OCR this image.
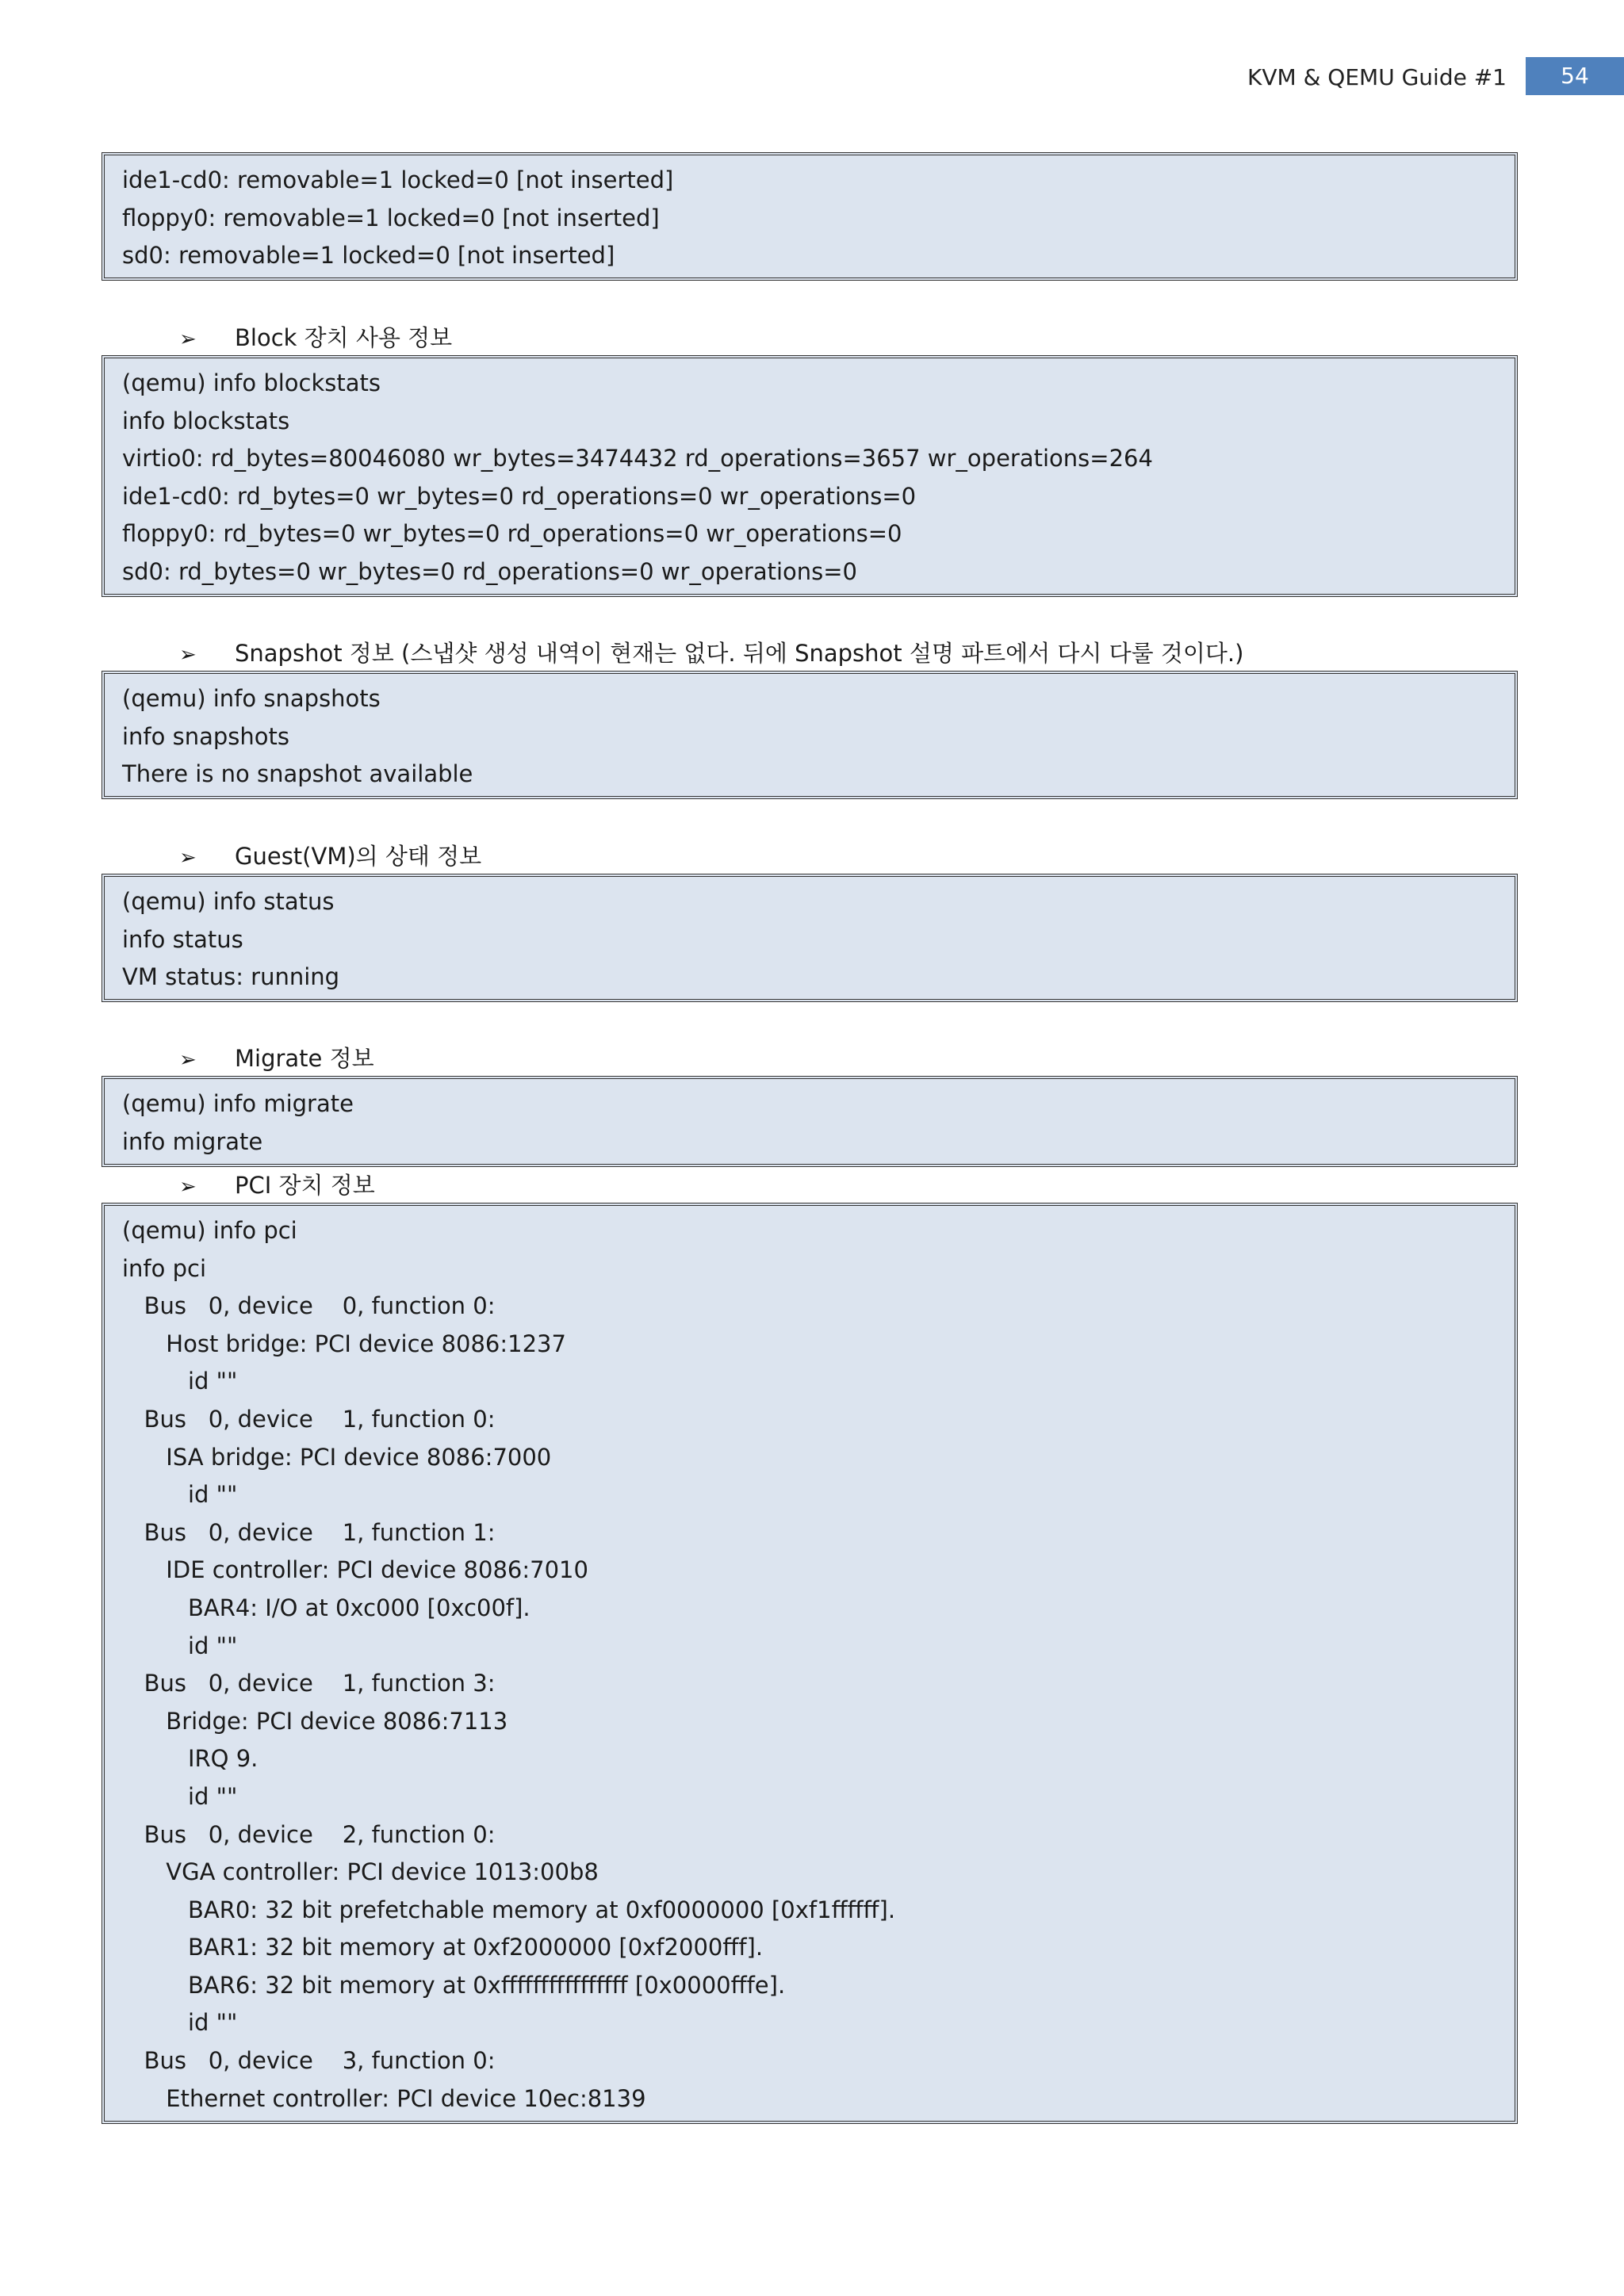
KVM & QEMU Guide #1	54
ide1-cd0: removable=1 locked=0 [not inserted]
floppy0: removable=1 locked=0 [not inserted]
sd0: removable=1 locked=0 [not inserted]
➢ Block 장치 사용 정보
(qemu) info blockstats
info blockstats
virtio0: rd_bytes=80046080 wr_bytes=3474432 rd_operations=3657 wr_operations=264
ide1-cd0: rd_bytes=0 wr_bytes=0 rd_operations=0 wr_operations=0
floppy0: rd_bytes=0 wr_bytes=0 rd_operations=0 wr_operations=0
sd0: rd_bytes=0 wr_bytes=0 rd_operations=0 wr_operations=0
➢ Snapshot 정보 (스냅샷 생성 내역이 현재는 없다. 뒤에 Snapshot 설명 파트에서 다시 다룰 것이다.)
(qemu) info snapshots
info snapshots
There is no snapshot available
➢ Guest(VM)의 상태 정보
(qemu) info status
info status
VM status: running
➢ Migrate 정보
(qemu) info migrate
info migrate
➢ PCI 장치 정보
(qemu) info pci
info pci
Bus   0, device    0, function 0:
Host bridge: PCI device 8086:1237
id ""
Bus   0, device    1, function 0:
ISA bridge: PCI device 8086:7000
id ""
Bus   0, device    1, function 1:
IDE controller: PCI device 8086:7010
BAR4: I/O at 0xc000 [0xc00f].
id ""
Bus   0, device    1, function 3:
Bridge: PCI device 8086:7113
IRQ 9.
id ""
Bus   0, device    2, function 0:
VGA controller: PCI device 1013:00b8
BAR0: 32 bit prefetchable memory at 0xf0000000 [0xf1ffffff].
BAR1: 32 bit memory at 0xf2000000 [0xf2000fff].
BAR6: 32 bit memory at 0xffffffffffffffff [0x0000fffe].
id ""
Bus   0, device    3, function 0:
Ethernet controller: PCI device 10ec:8139
